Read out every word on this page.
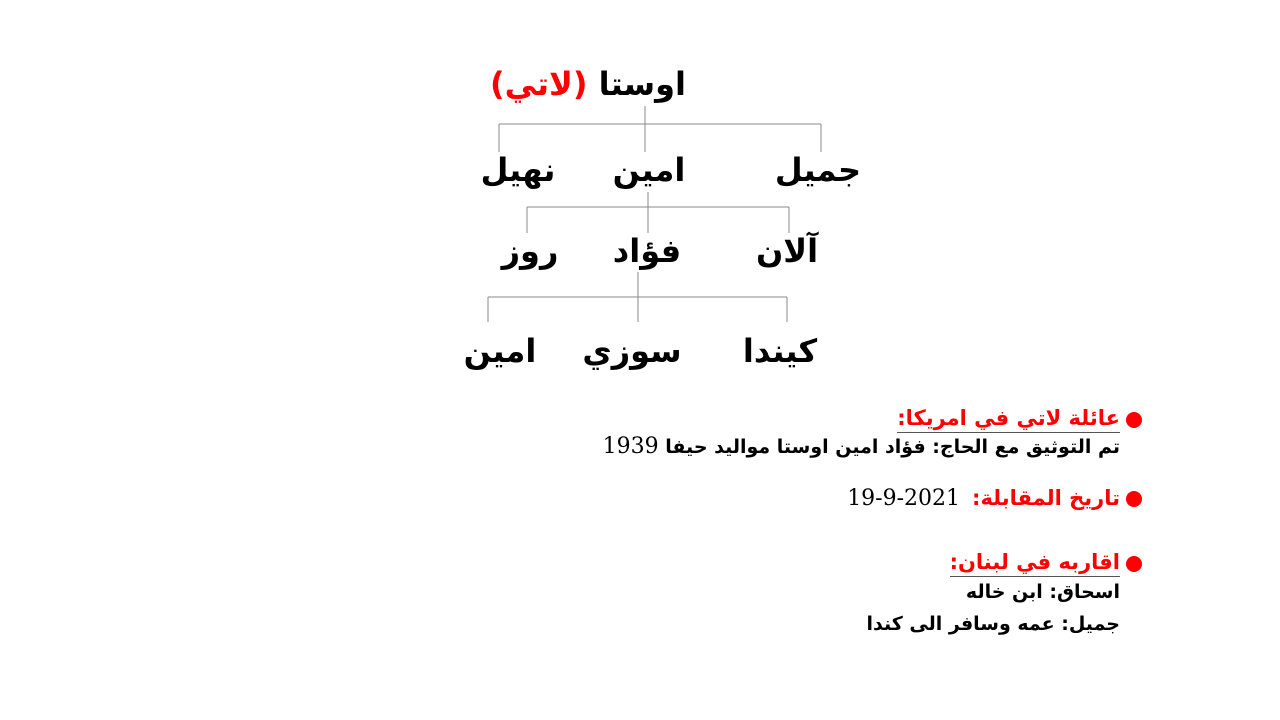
اوستا (لاتي)
جميل
امين
نهيل
آلان
فؤاد
روز
كيندا
سوزي
امين
عائلة لاتي في امريكا:
تم التوثيق مع الحاج: فؤاد امين اوستا مواليد حيفا 1939
تاريخ المقابلة:
19-9-2021
اقاربه في لبنان:
اسحاق: ابن خاله
جميل: عمه وسافر الى كندا
